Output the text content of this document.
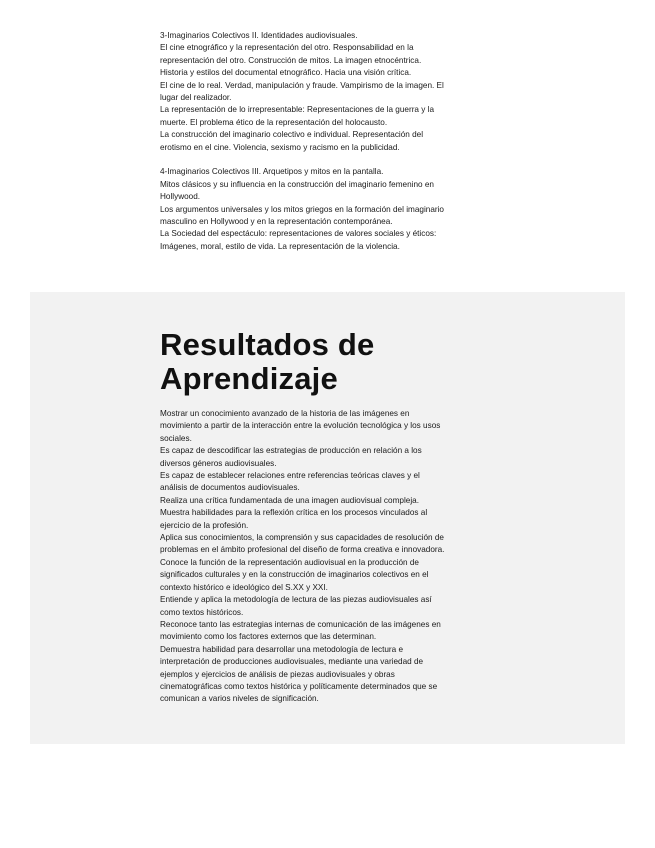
3-Imaginarios Colectivos II. Identidades audiovisuales.
El cine etnográfico y la representación del otro. Responsabilidad en la
representación del otro. Construcción de mitos. La imagen etnocéntrica.
Historia y estilos del documental etnográfico. Hacia una visión crítica.
El cine de lo real. Verdad, manipulación y fraude. Vampirismo de la imagen. El
lugar del realizador.
La representación de lo irrepresentable: Representaciones de la guerra y la
muerte. El problema ético de la representación del holocausto.
La construcción del imaginario colectivo e individual. Representación del
erotismo en el cine. Violencia, sexismo y racismo en la publicidad.

4-Imaginarios Colectivos III. Arquetipos y mitos en la pantalla.
Mitos clásicos y su influencia en la construcción del imaginario femenino en
Hollywood.
Los argumentos universales y los mitos griegos en la formación del imaginario
masculino en Hollywood y en la representación contemporánea.
La Sociedad del espectáculo: representaciones de valores sociales y éticos:
Imágenes, moral, estilo de vida. La representación de la violencia.

Resultados de
Aprendizaje
Mostrar un conocimiento avanzado de la historia de las imágenes en
movimiento a partir de la interacción entre la evolución tecnológica y los usos
sociales.
Es capaz de descodificar las estrategias de producción en relación a los
diversos géneros audiovisuales.
Es capaz de establecer relaciones entre referencias teóricas claves y el
análisis de documentos audiovisuales.
Realiza una crítica fundamentada de una imagen audiovisual compleja.
Muestra habilidades para la reflexión crítica en los procesos vinculados al
ejercicio de la profesión.
Aplica sus conocimientos, la comprensión y sus capacidades de resolución de
problemas en el ámbito profesional del diseño de forma creativa e innovadora.
Conoce la función de la representación audiovisual en la producción de
significados culturales y en la construcción de imaginarios colectivos en el
contexto histórico e ideológico del S.XX y XXI.
Entiende y aplica la metodología de lectura de las piezas audiovisuales así
como textos históricos.
Reconoce tanto las estrategias internas de comunicación de las imágenes en
movimiento como los factores externos que las determinan.
Demuestra habilidad para desarrollar una metodología de lectura e
interpretación de producciones audiovisuales, mediante una variedad de
ejemplos y ejercicios de análisis de piezas audiovisuales y obras
cinematográficas como textos histórica y políticamente determinados que se
comunican a varios niveles de significación.
